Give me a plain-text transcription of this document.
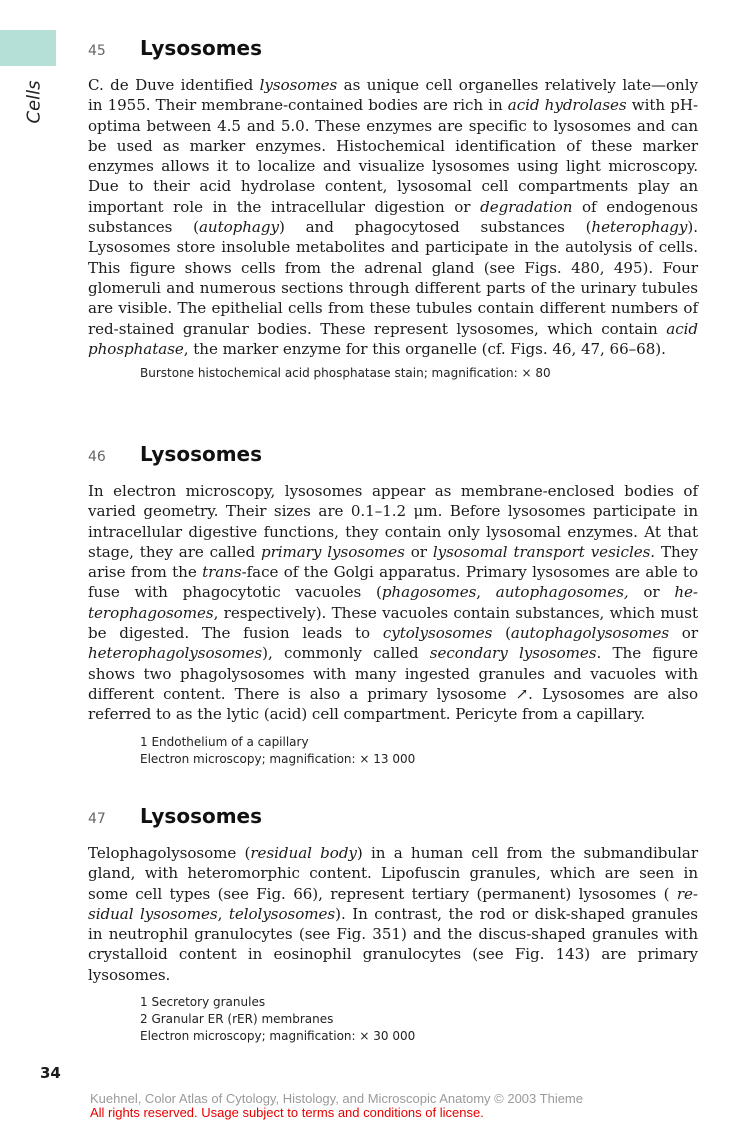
Cells
45	Lysosomes
C. de Duve identified lysosomes as unique cell organelles relatively late—only in 1955. Their membrane-contained bodies are rich in acid hydrolases with pH-optima between 4.5 and 5.0. These enzymes are specific to lysosomes and can be used as marker enzymes. Histochemical identification of these marker enzymes allows it to localize and visualize lysosomes using light microscopy. Due to their acid hydrolase content, lysosomal cell compartments play an important role in the intracellular digestion or degradation of endogenous substances (autophagy) and phagocytosed substances (heterophagy). Lysosomes store insoluble metabolites and participate in the autolysis of cells. This figure shows cells from the adrenal gland (see Figs. 480, 495). Four glomeruli and numerous sections through different parts of the urinary tubules are visible. The epithelial cells from these tubules contain different numbers of red-stained granular bodies. These represent lysosomes, which contain acid phosphatase, the marker enzyme for this organelle (cf. Figs. 46, 47, 66–68).
Burstone histochemical acid phosphatase stain; magnification: × 80
46	Lysosomes
In electron microscopy, lysosomes appear as membrane-enclosed bodies of varied geometry. Their sizes are 0.1–1.2 μm. Before lysosomes participate in intracellular digestive functions, they contain only lysosomal enzymes. At that stage, they are called primary lysosomes or lysosomal transport vesicles. They arise from the trans-face of the Golgi apparatus. Primary lysosomes are able to fuse with phagocytotic vacuoles (phagosomes, autophagosomes, or heterophagosomes, respectively). These vacuoles contain substances, which must be digested. The fusion leads to cytolysosomes (autophagolysosomes or heterophagolysosomes), commonly called secondary lysosomes. The figure shows two phagolysosomes with many ingested granules and vacuoles with different content. There is also a primary lysosome ↗. Lysosomes are also referred to as the lytic (acid) cell compartment. Pericyte from a capillary.
1 Endothelium of a capillary
Electron microscopy; magnification: × 13 000
47	Lysosomes
Telophagolysosome (residual body) in a human cell from the submandibular gland, with heteromorphic content. Lipofuscin granules, which are seen in some cell types (see Fig. 66), represent tertiary (permanent) lysosomes ( residual lysosomes, telolysosomes). In contrast, the rod or disk-shaped granules in neutrophil granulocytes (see Fig. 351) and the discus-shaped granules with crystalloid content in eosinophil granulocytes (see Fig. 143) are primary lysosomes.
1 Secretory granules
2 Granular ER (rER) membranes
Electron microscopy; magnification: × 30 000
34
Kuehnel, Color Atlas of Cytology, Histology, and Microscopic Anatomy © 2003 Thieme
All rights reserved. Usage subject to terms and conditions of license.
